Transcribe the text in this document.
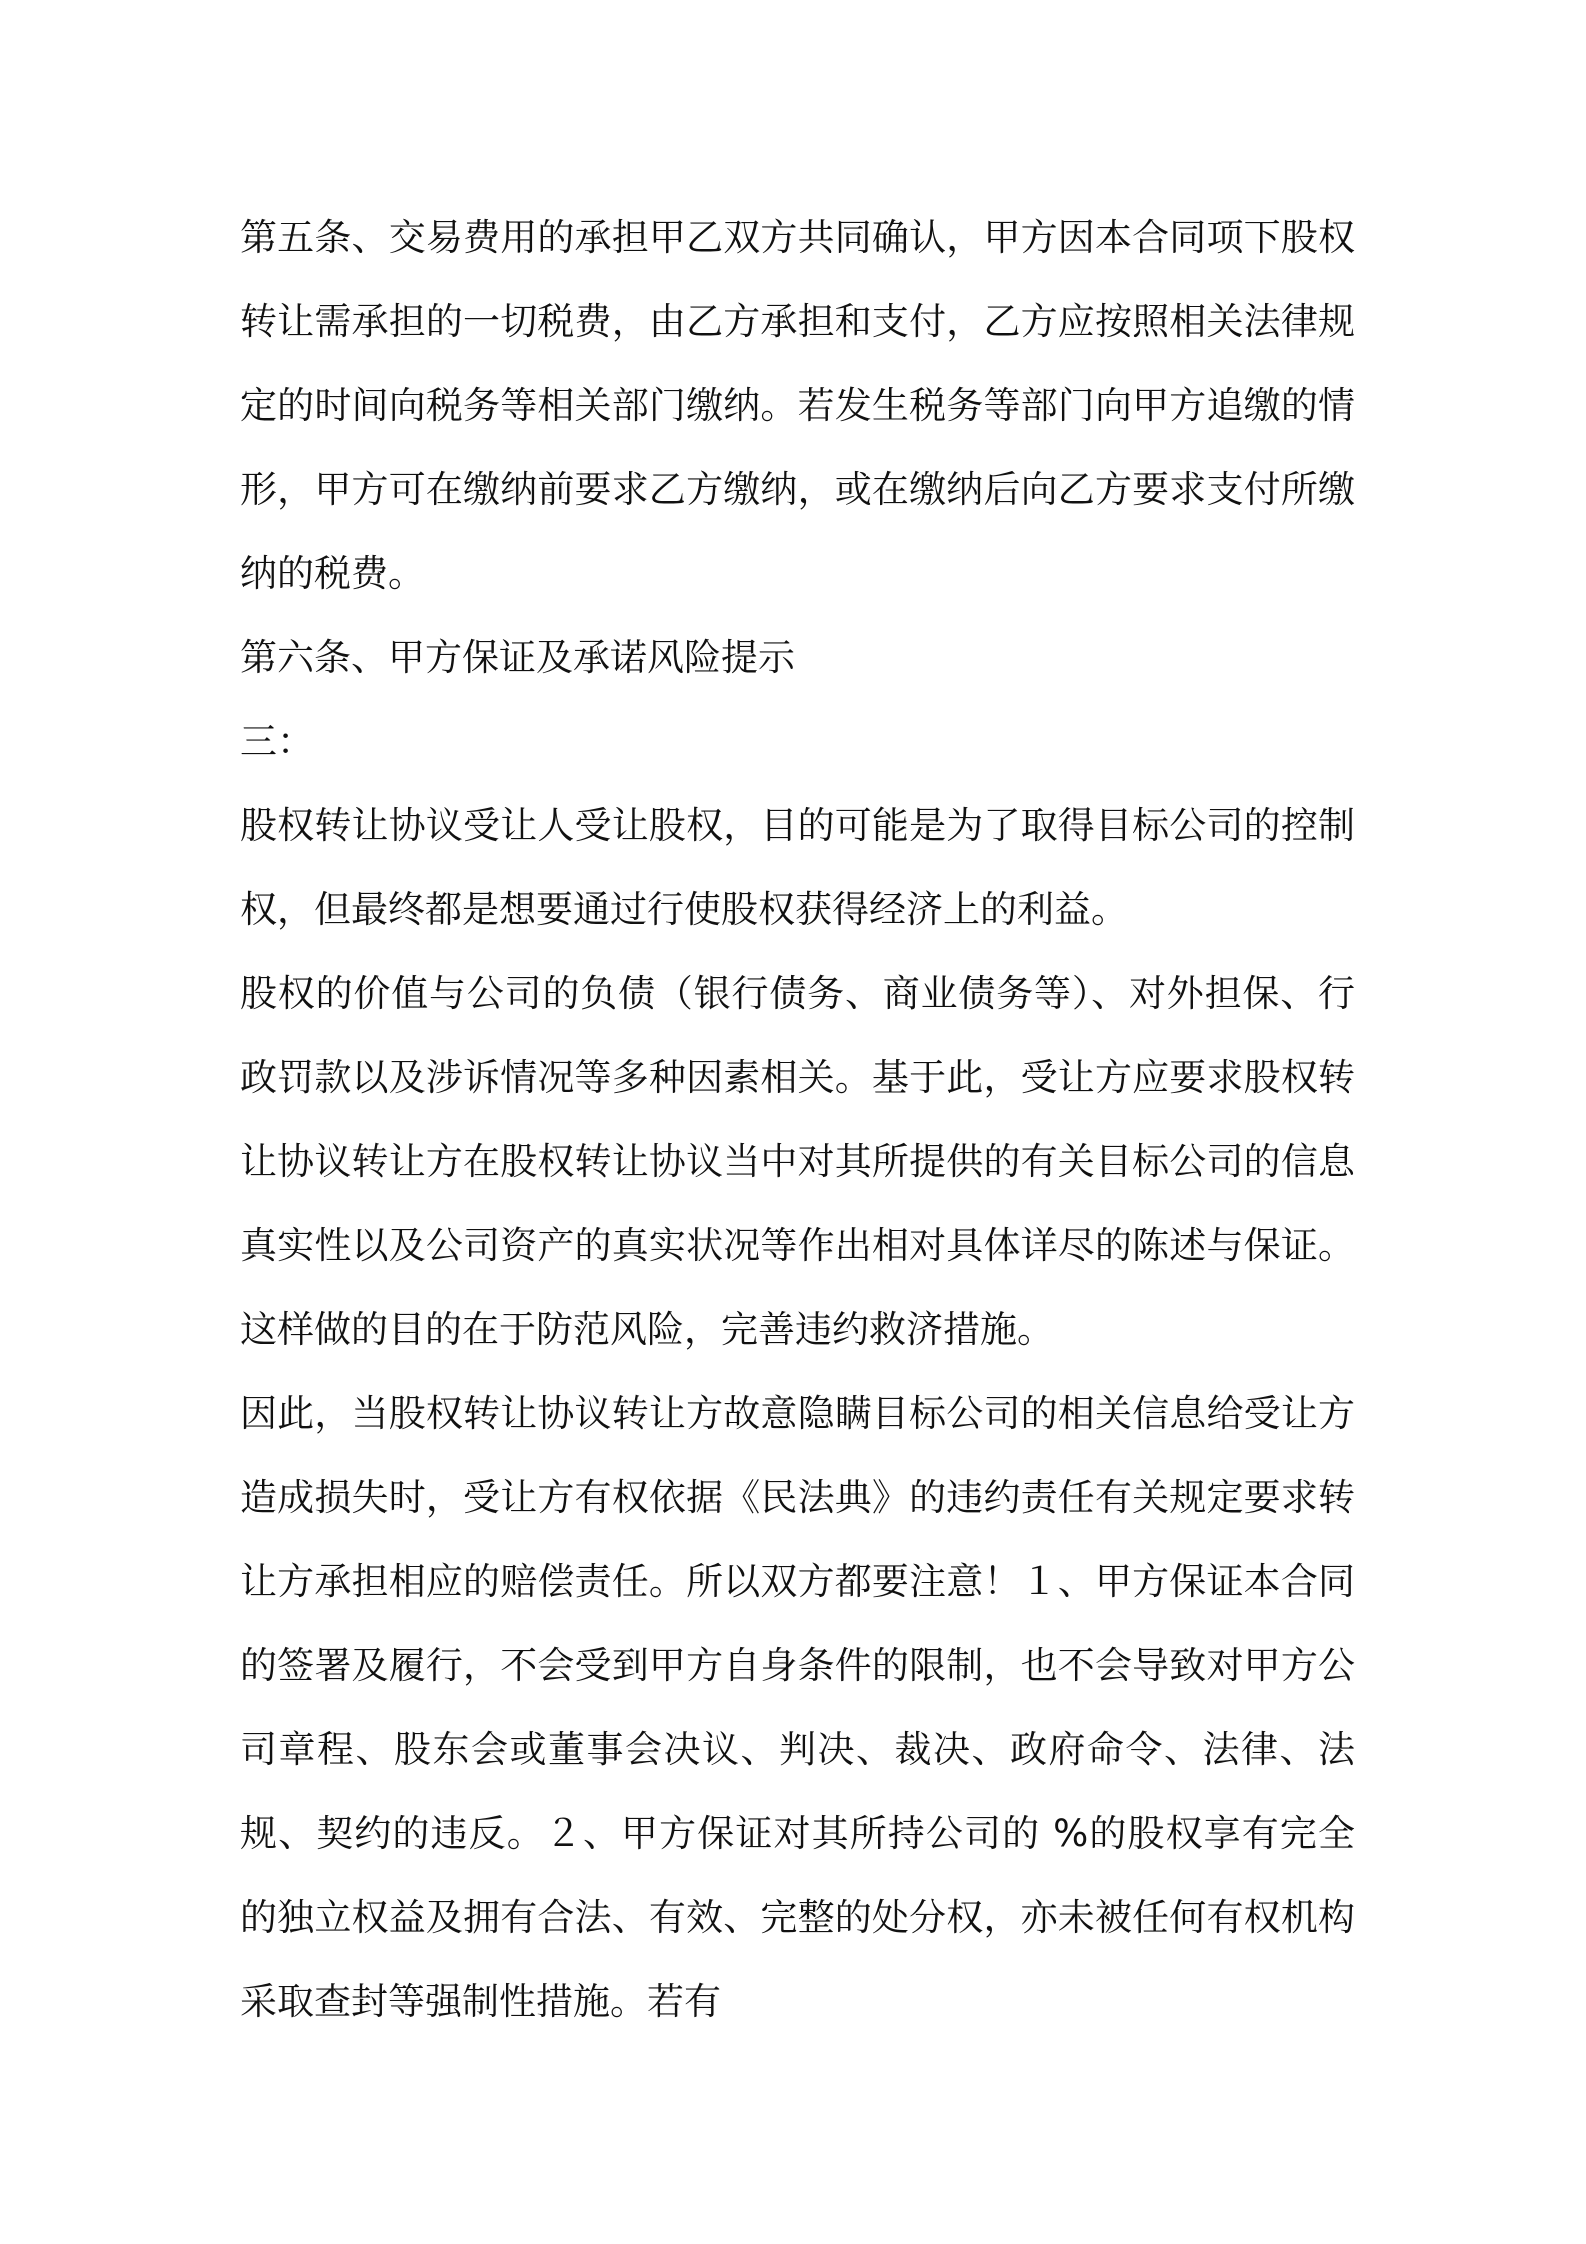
第五条、交易费用的承担甲乙双方共同确认，甲方因本合同项下股权转让需承担的一切税费，由乙方承担和支付，乙方应按照相关法律规定的时间向税务等相关部门缴纳。若发生税务等部门向甲方追缴的情形，甲方可在缴纳前要求乙方缴纳，或在缴纳后向乙方要求支付所缴纳的税费。

第六条、甲方保证及承诺风险提示

三：

股权转让协议受让人受让股权，目的可能是为了取得目标公司的控制权，但最终都是想要通过行使股权获得经济上的利益。

股权的价值与公司的负债（银行债务、商业债务等）、对外担保、行政罚款以及涉诉情况等多种因素相关。基于此，受让方应要求股权转让协议转让方在股权转让协议当中对其所提供的有关目标公司的信息真实性以及公司资产的真实状况等作出相对具体详尽的陈述与保证。这样做的目的在于防范风险，完善违约救济措施。

因此，当股权转让协议转让方故意隐瞒目标公司的相关信息给受让方造成损失时，受让方有权依据《民法典》的违约责任有关规定要求转让方承担相应的赔偿责任。所以双方都要注意！１、甲方保证本合同的签署及履行，不会受到甲方自身条件的限制，也不会导致对甲方公司章程、股东会或董事会决议、判决、裁决、政府命令、法律、法规、契约的违反。２、甲方保证对其所持公司的 %的股权享有完全的独立权益及拥有合法、有效、完整的处分权，亦未被任何有权机构采取查封等强制性措施。若有
